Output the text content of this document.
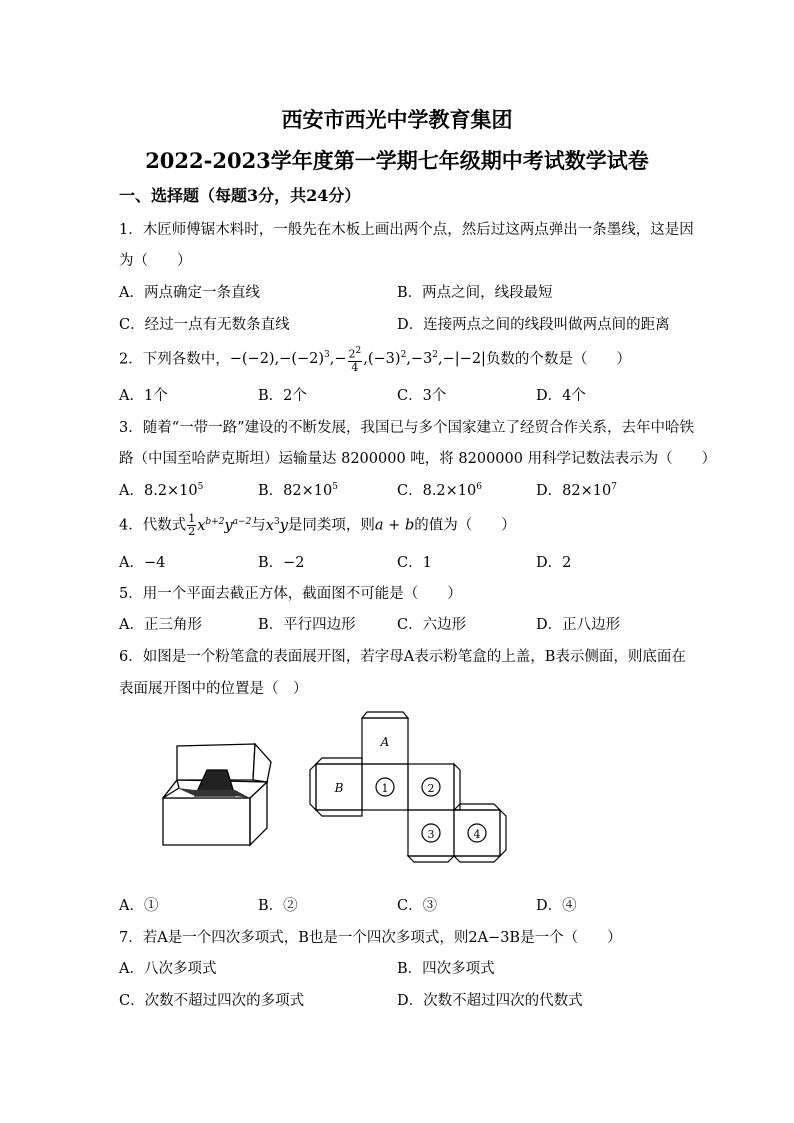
西安市西光中学教育集团
2022-2023学年度第一学期七年级期中考试数学试卷
一、选择题（每题3分，共24分）
1．木匠师傅锯木料时，一般先在木板上画出两个点，然后过这两点弹出一条墨线，这是因
为（　　）
A．两点确定一条直线	B．两点之间，线段最短
C．经过一点有无数条直线	D．连接两点之间的线段叫做两点间的距离
2．下列各数中，$-(-2),-(-2)^3,- \frac{2^2}{4} ,(-3)^2,-3^2,-|-2|$负数的个数是（　　）
A．1个	B．2个	C．3个	D．4个
3．随着“一带一路”建设的不断发展，我国已与多个国家建立了经贸合作关系，去年中哈铁
路（中国至哈萨克斯坦）运输量达 8200000 吨，将 8200000 用科学记数法表示为（　　）
A．$8.2\times 10^5$	B．$82\times 10^5$	C．$8.2\times 10^6$	D．$82\times 10^7$
4．代数式 $\frac{1}{2} x^{b+2}y^{a-2}$与$x^3y$是同类项，则a + b的值为（　　）
A．−4	B．−2	C．1	D．2
5．用一个平面去截正方体，截面图不可能是（　　）
A．正三角形	B．平行四边形	C．六边形	D．正八边形
6．如图是一个粉笔盒的表面展开图，若字母A表示粉笔盒的上盖，B表示侧面，则底面在
表面展开图中的位置是（　）
A
B	1	2
3	4
A．①	B．②	C．③	D．④
7．若A是一个四次多项式，B也是一个四次多项式，则2A−3B是一个（　　）
A．八次多项式	B．四次多项式
C．次数不超过四次的多项式	D．次数不超过四次的代数式
